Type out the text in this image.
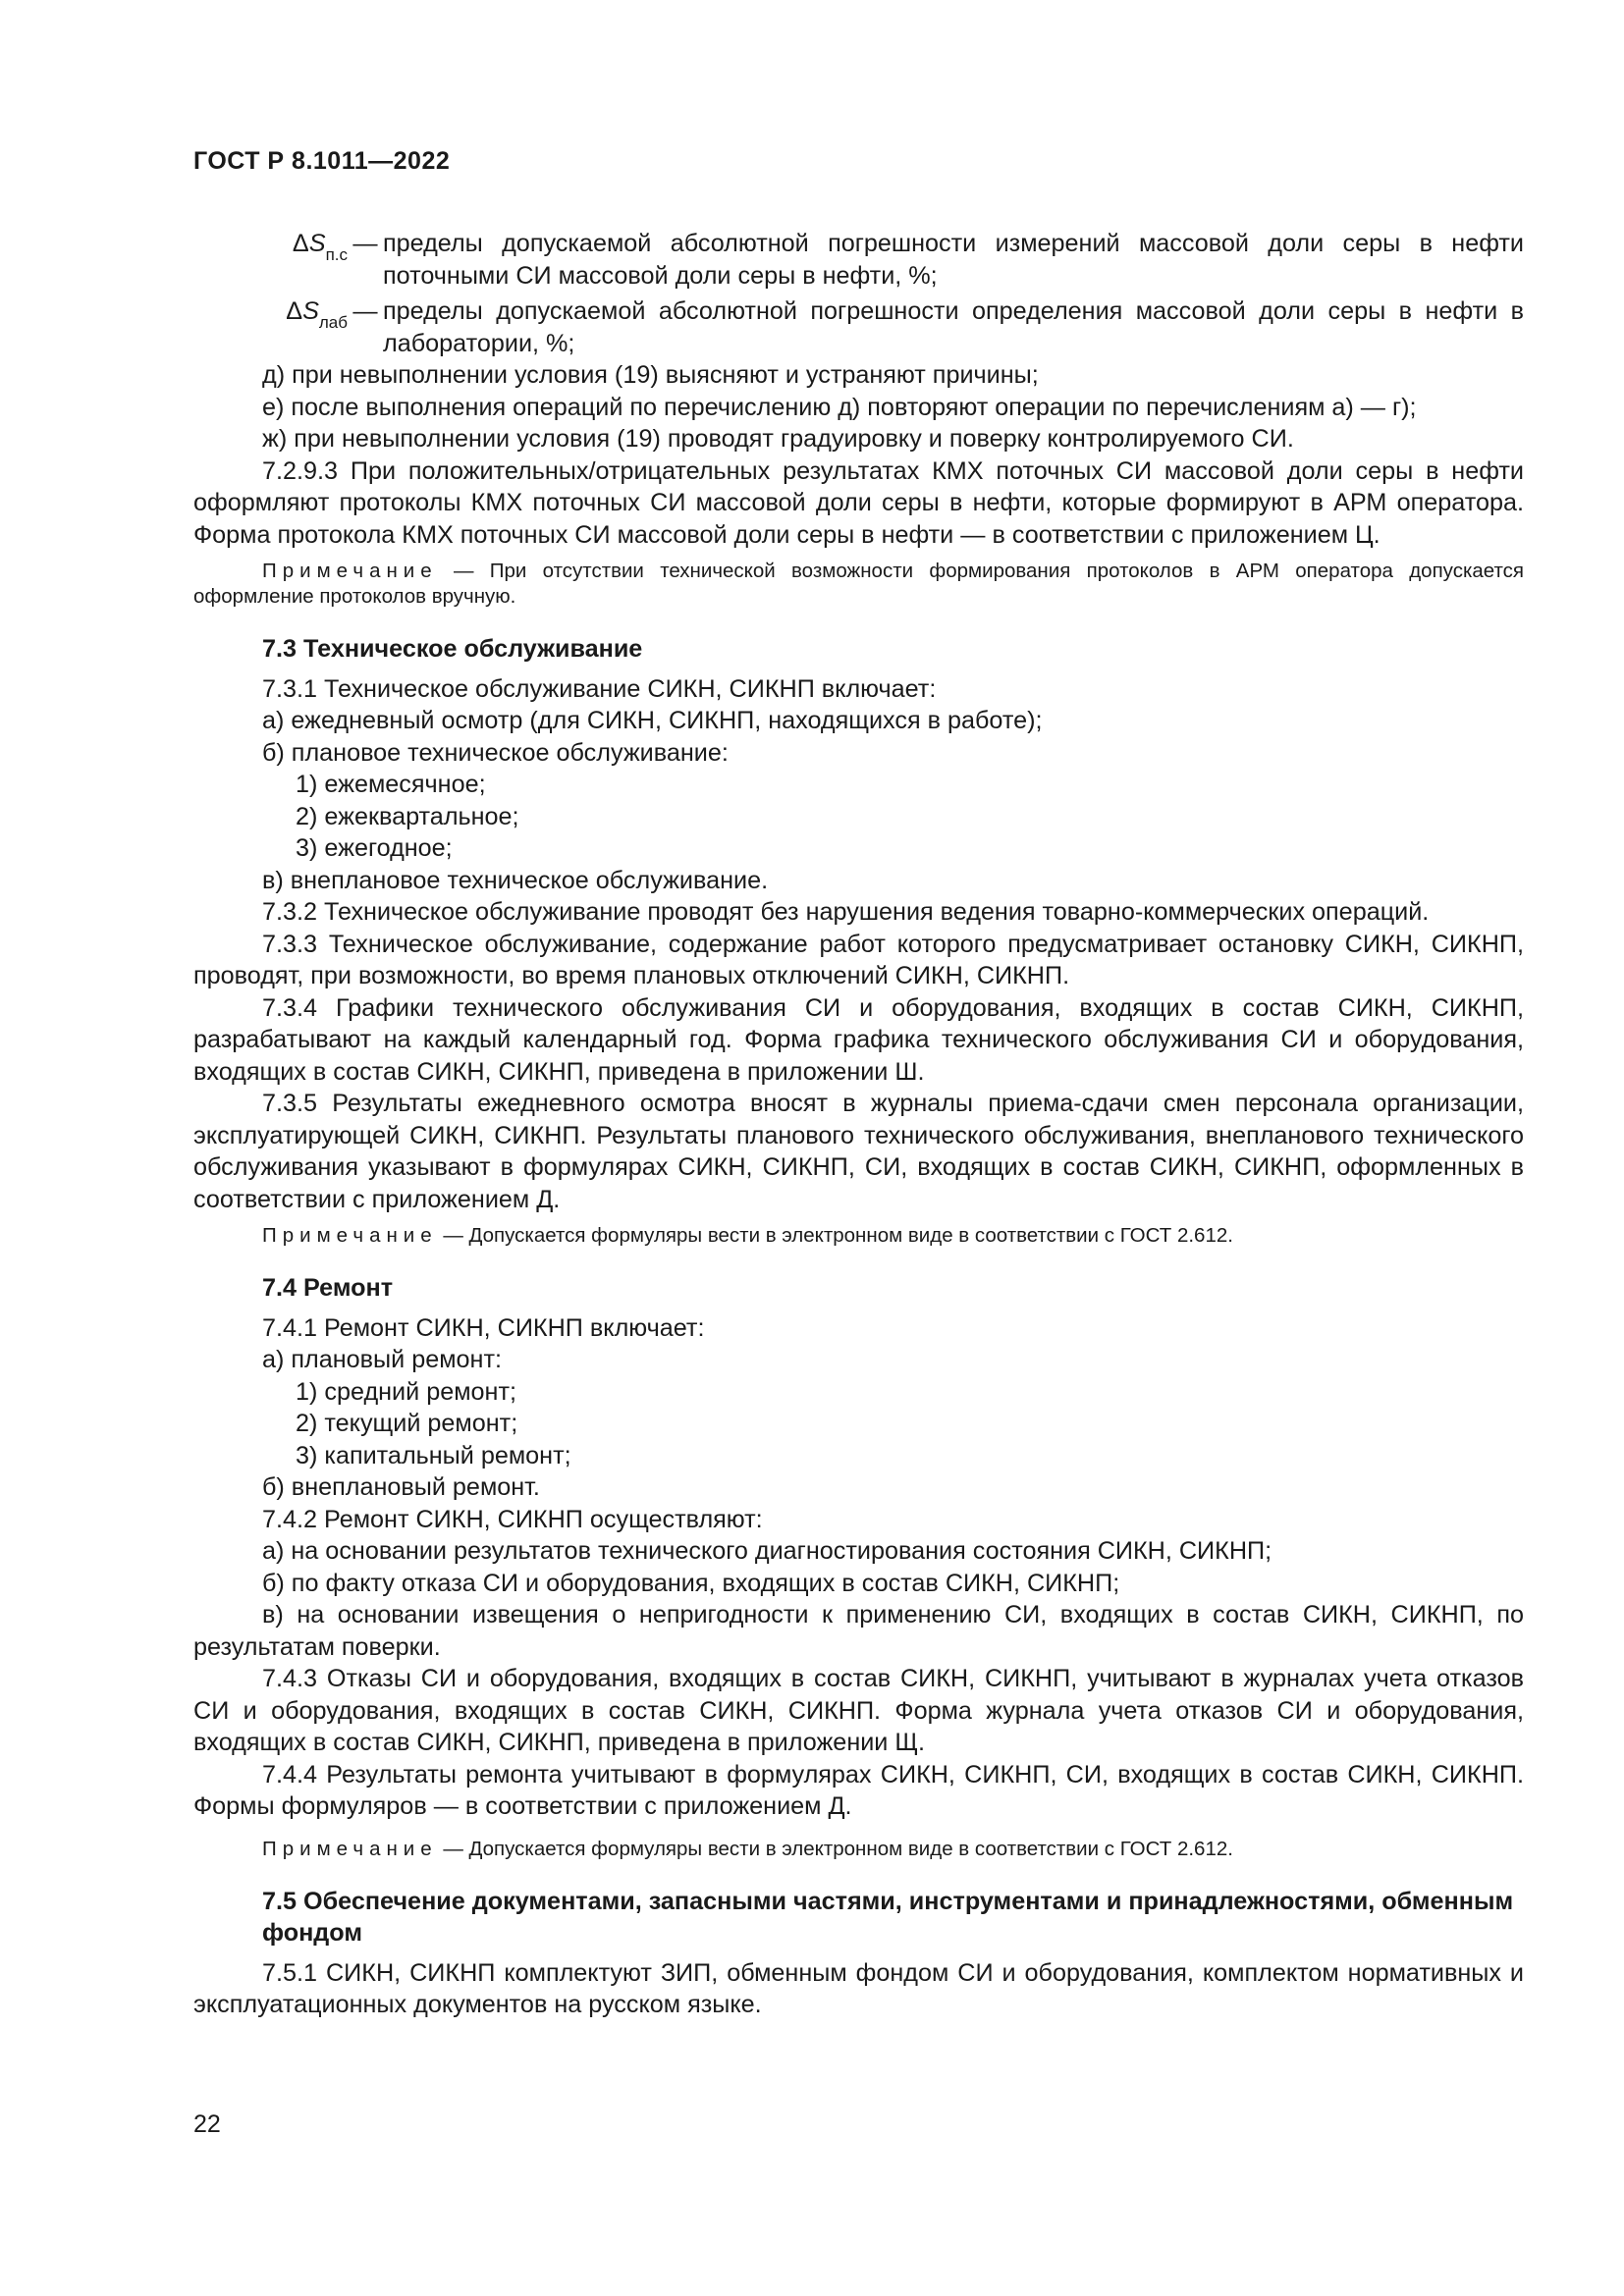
ГОСТ Р 8.1011—2022
$\Delta S_{п.с}$ — пределы допускаемой абсолютной погрешности измерений массовой доли серы в нефти поточными СИ массовой доли серы в нефти, %;
$\Delta S_{лаб}$ — пределы допускаемой абсолютной погрешности определения массовой доли серы в нефти в лаборатории, %;

д) при невыполнении условия (19) выясняют и устраняют причины;

е) после выполнения операций по перечислению д) повторяют операции по перечислениям а) — г);

ж) при невыполнении условия (19) проводят градуировку и поверку контролируемого СИ.

7.2.9.3 При положительных/отрицательных результатах КМХ поточных СИ массовой доли серы в нефти оформляют протоколы КМХ поточных СИ массовой доли серы в нефти, которые формируют в АРМ оператора. Форма протокола КМХ поточных СИ массовой доли серы в нефти — в соответствии с приложением Ц.

Примечание — При отсутствии технической возможности формирования протоколов в АРМ оператора допускается оформление протоколов вручную.
7.3 Техническое обслуживание

7.3.1 Техническое обслуживание СИКН, СИКНП включает:

а) ежедневный осмотр (для СИКН, СИКНП, находящихся в работе);

б) плановое техническое обслуживание:

1) ежемесячное;

2) ежеквартальное;

3) ежегодное;

в) внеплановое техническое обслуживание.

7.3.2 Техническое обслуживание проводят без нарушения ведения товарно-коммерческих операций.

7.3.3 Техническое обслуживание, содержание работ которого предусматривает остановку СИКН, СИКНП, проводят, при возможности, во время плановых отключений СИКН, СИКНП.

7.3.4 Графики технического обслуживания СИ и оборудования, входящих в состав СИКН, СИКНП, разрабатывают на каждый календарный год. Форма графика технического обслуживания СИ и оборудования, входящих в состав СИКН, СИКНП, приведена в приложении Ш.

7.3.5 Результаты ежедневного осмотра вносят в журналы приема-сдачи смен персонала организации, эксплуатирующей СИКН, СИКНП. Результаты планового технического обслуживания, внепланового технического обслуживания указывают в формулярах СИКН, СИКНП, СИ, входящих в состав СИКН, СИКНП, оформленных в соответствии с приложением Д.

Примечание — Допускается формуляры вести в электронном виде в соответствии с ГОСТ 2.612.
7.4 Ремонт

7.4.1 Ремонт СИКН, СИКНП включает:

а) плановый ремонт:

1) средний ремонт;

2) текущий ремонт;

3) капитальный ремонт;

б) внеплановый ремонт.

7.4.2 Ремонт СИКН, СИКНП осуществляют:

а) на основании результатов технического диагностирования состояния СИКН, СИКНП;

б) по факту отказа СИ и оборудования, входящих в состав СИКН, СИКНП;

в) на основании извещения о непригодности к применению СИ, входящих в состав СИКН, СИКНП, по результатам поверки.

7.4.3 Отказы СИ и оборудования, входящих в состав СИКН, СИКНП, учитывают в журналах учета отказов СИ и оборудования, входящих в состав СИКН, СИКНП. Форма журнала учета отказов СИ и оборудования, входящих в состав СИКН, СИКНП, приведена в приложении Щ.

7.4.4 Результаты ремонта учитывают в формулярах СИКН, СИКНП, СИ, входящих в состав СИКН, СИКНП. Формы формуляров — в соответствии с приложением Д.

Примечание — Допускается формуляры вести в электронном виде в соответствии с ГОСТ 2.612.
7.5 Обеспечение документами, запасными частями, инструментами и принадлежностями, обменным фондом

7.5.1 СИКН, СИКНП комплектуют ЗИП, обменным фондом СИ и оборудования, комплектом нормативных и эксплуатационных документов на русском языке.

22
